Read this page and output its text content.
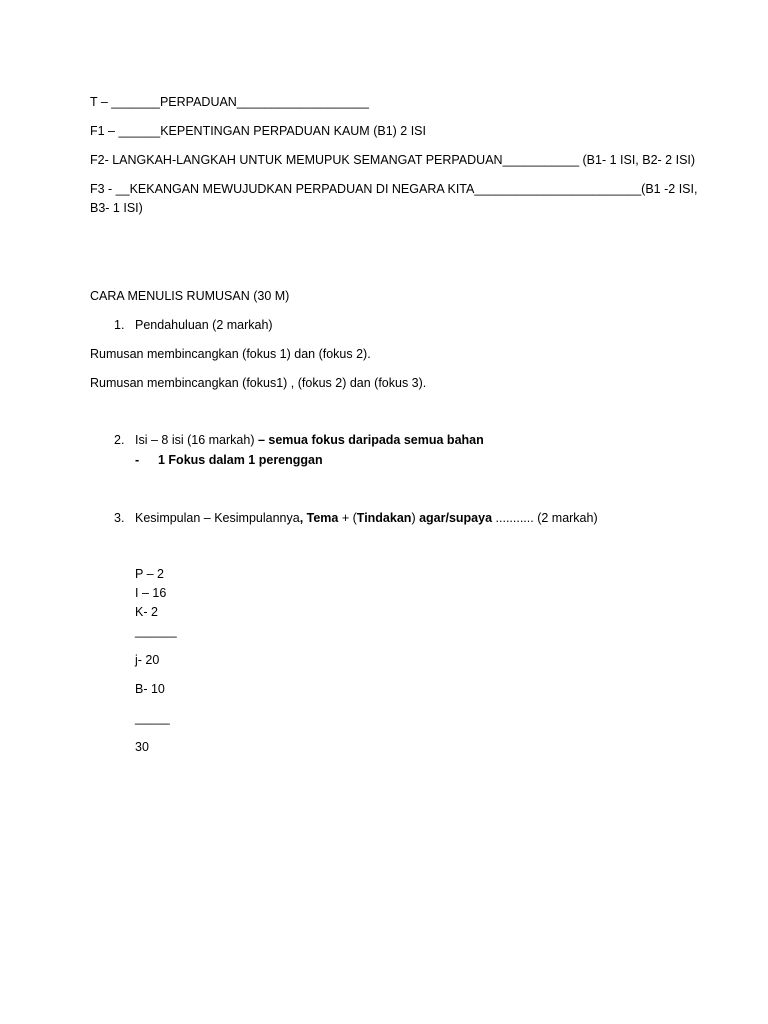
T – _______PERPADUAN___________________
F1 – ______KEPENTINGAN PERPADUAN KAUM (B1) 2 ISI
F2- LANGKAH-LANGKAH UNTUK MEMUPUK SEMANGAT PERPADUAN___________ (B1- 1 ISI, B2- 2 ISI)
F3 - __KEKANGAN MEWUJUDKAN PERPADUAN DI NEGARA KITA________________________(B1 -2 ISI,
B3- 1 ISI)
CARA MENULIS RUMUSAN (30 M)
1. Pendahuluan (2 markah)
Rumusan membincangkan (fokus 1) dan (fokus 2).
Rumusan membincangkan (fokus1) , (fokus 2) dan (fokus 3).
2. Isi – 8 isi (16 markah) – semua fokus daripada semua bahan
- 1 Fokus dalam 1 perenggan
3. Kesimpulan – Kesimpulannya, Tema + (Tindakan) agar/supaya ........... (2 markah)
P – 2
I – 16
K- 2
______
j- 20
B- 10
_____
30
